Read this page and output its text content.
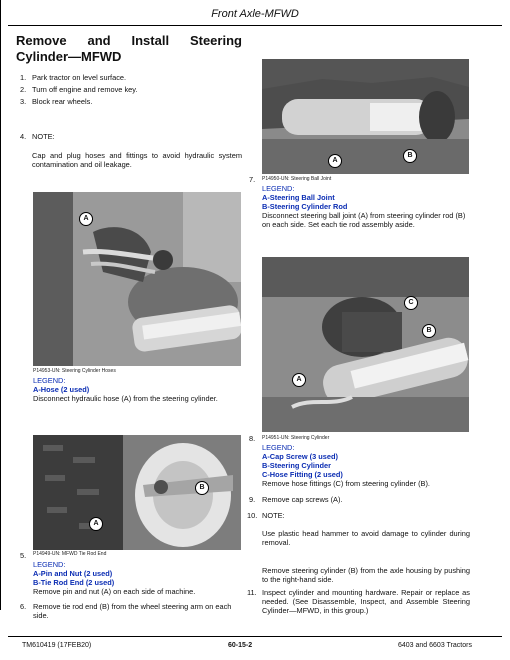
Front Axle-MFWD
Remove and Install Steering
Cylinder—MFWD
1. Park tractor on level surface.
2. Turn off engine and remove key.
3. Block rear wheels.
4. NOTE:
Cap and plug hoses and fittings to avoid hydraulic system contamination and oil leakage.
A
P14953-UN: Steering Cylinder Hoses
LEGEND:
A-Hose (2 used)
Disconnect hydraulic hose (A) from the steering cylinder.
A
B
5. P14949-UN: MFWD Tie Rod End
LEGEND:
A-Pin and Nut (2 used)
B-Tie Rod End (2 used)
Remove pin and nut (A) on each side of machine.
6. Remove tie rod end (B) from the wheel steering arm on each side.
A
B
7. P14950-UN: Steering Ball Joint
LEGEND:
A-Steering Ball Joint
B-Steering Cylinder Rod
Disconnect steering ball joint (A) from steering cylinder rod (B) on each side. Set each tie rod assembly aside.
C
B
A
8. P14951-UN: Steering Cylinder
LEGEND:
A-Cap Screw (3 used)
B-Steering Cylinder
C-Hose Fitting (2 used)
Remove hose fittings (C) from steering cylinder (B).
9. Remove cap screws (A).
10. NOTE:
Use plastic head hammer to avoid damage to cylinder during removal.
Remove steering cylinder (B) from the axle housing by pushing to the right-hand side.
11. Inspect cylinder and mounting hardware. Repair or replace as needed. (See Disassemble, Inspect, and Assemble Steering Cylinder—MFWD, in this group.)
TM610419 (17FEB20)	60-15-2	6403 and 6603 Tractors
